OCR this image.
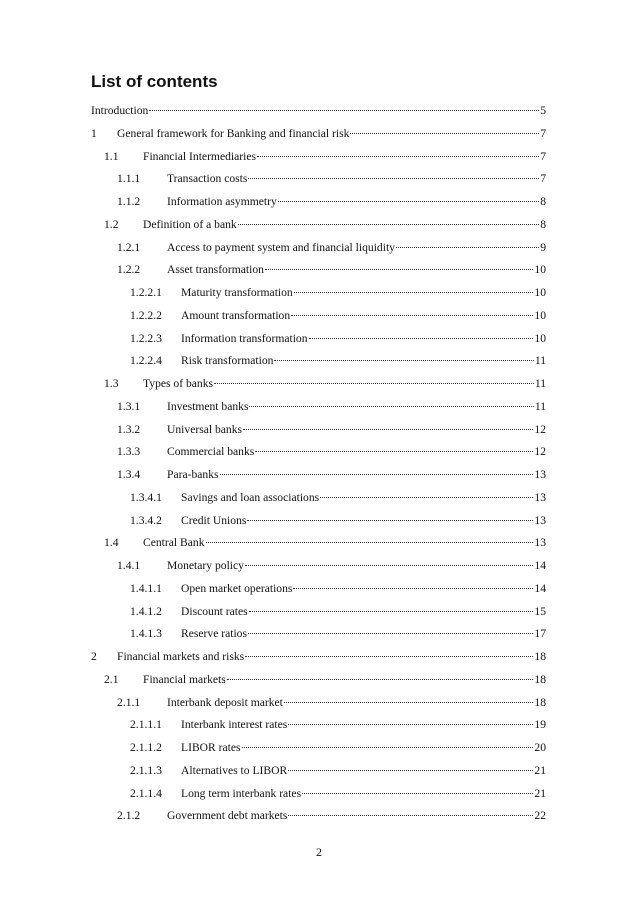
List of contents
Introduction	5
1	General framework for Banking and financial risk	7
1.1	Financial Intermediaries	7
1.1.1	Transaction costs	7
1.1.2	Information asymmetry	8
1.2	Definition of a bank	8
1.2.1	Access to payment system and financial liquidity	9
1.2.2	Asset transformation	10
1.2.2.1	Maturity transformation	10
1.2.2.2	Amount transformation	10
1.2.2.3	Information transformation	10
1.2.2.4	Risk transformation	11
1.3	Types of banks	11
1.3.1	Investment banks	11
1.3.2	Universal banks	12
1.3.3	Commercial banks	12
1.3.4	Para-banks	13
1.3.4.1	Savings and loan associations	13
1.3.4.2	Credit Unions	13
1.4	Central Bank	13
1.4.1	Monetary policy	14
1.4.1.1	Open market operations	14
1.4.1.2	Discount rates	15
1.4.1.3	Reserve ratios	17
2	Financial markets and risks	18
2.1	Financial markets	18
2.1.1	Interbank deposit market	18
2.1.1.1	Interbank interest rates	19
2.1.1.2	LIBOR rates	20
2.1.1.3	Alternatives to LIBOR	21
2.1.1.4	Long term interbank rates	21
2.1.2	Government debt markets	22
2
